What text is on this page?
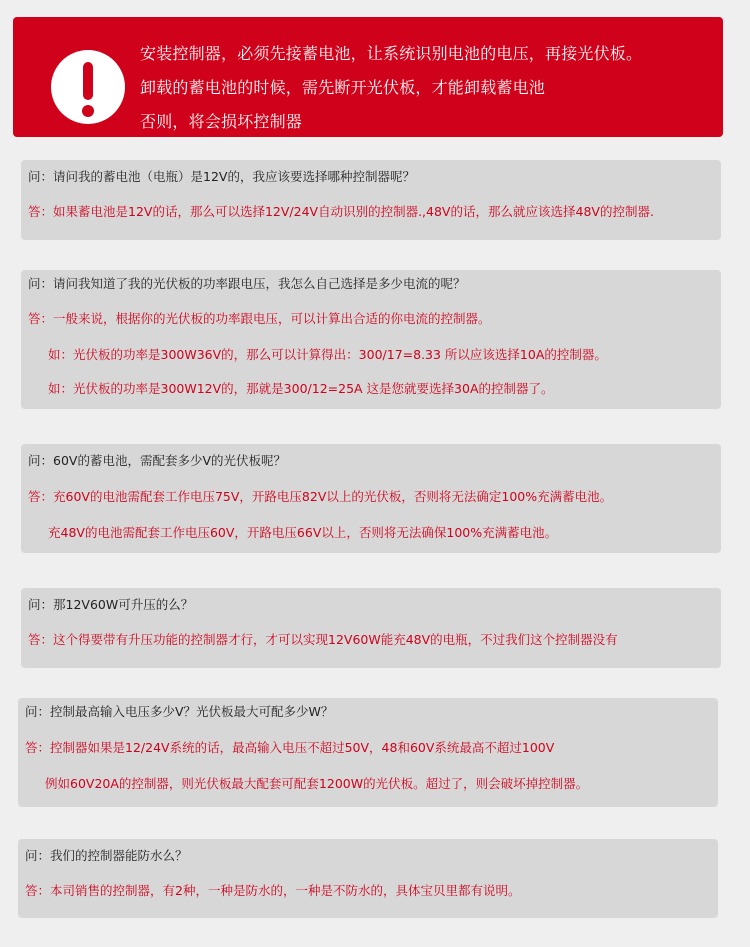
安装控制器，必须先接蓄电池，让系统识别电池的电压，再接光伏板。
卸载的蓄电池的时候，需先断开光伏板，才能卸载蓄电池
否则，将会损坏控制器
问：请问我的蓄电池（电瓶）是12V的，我应该要选择哪种控制器呢？
答：如果蓄电池是12V的话，那么可以选择12V/24V自动识别的控制器.,48V的话，那么就应该选择48V的控制器.
问：请问我知道了我的光伏板的功率跟电压，我怎么自己选择是多少电流的呢？
答：一般来说，根据你的光伏板的功率跟电压，可以计算出合适的你电流的控制器。
如：光伏板的功率是300W36V的，那么可以计算得出：300/17=8.33 所以应该选择10A的控制器。
如：光伏板的功率是300W12V的，那就是300/12=25A 这是您就要选择30A的控制器了。
问：60V的蓄电池，需配套多少V的光伏板呢？
答：充60V的电池需配套工作电压75V，开路电压82V以上的光伏板，否则将无法确定100%充满蓄电池。
充48V的电池需配套工作电压60V，开路电压66V以上，否则将无法确保100%充满蓄电池。
问：那12V60W可升压的么？
答：这个得要带有升压功能的控制器才行，才可以实现12V60W能充48V的电瓶，不过我们这个控制器没有
问：控制最高输入电压多少V？光伏板最大可配多少W？
答：控制器如果是12/24V系统的话，最高输入电压不超过50V，48和60V系统最高不超过100V
例如60V20A的控制器，则光伏板最大配套可配套1200W的光伏板。超过了，则会破坏掉控制器。
问：我们的控制器能防水么？
答：本司销售的控制器，有2种，一种是防水的，一种是不防水的，具体宝贝里都有说明。
